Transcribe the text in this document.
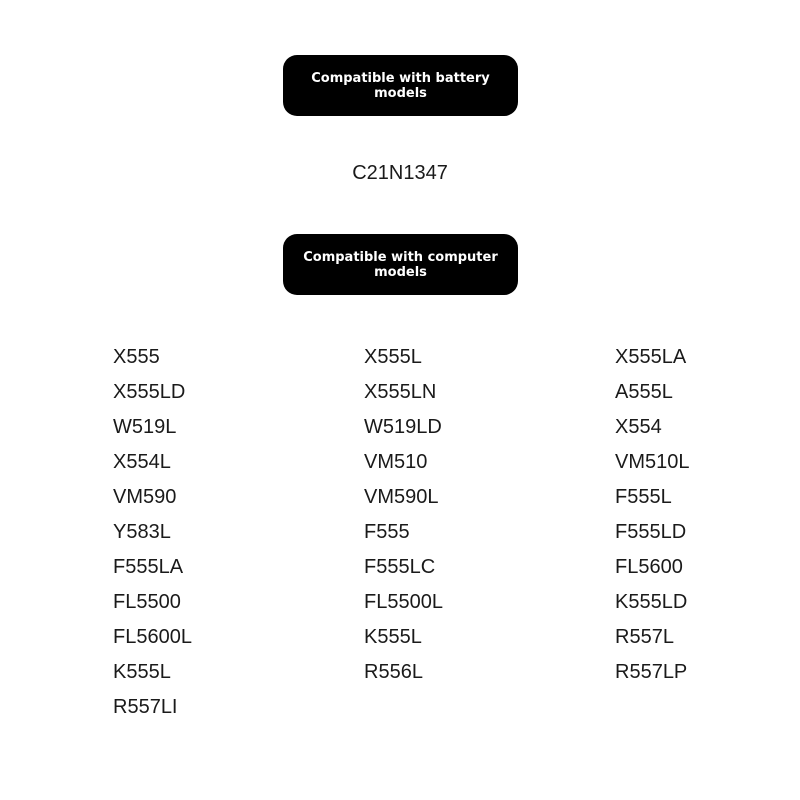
Compatible with battery models
C21N1347
Compatible with computer models
X555
X555LD
W519L
X554L
VM590
Y583L
F555LA
FL5500
FL5600L
K555L
R557LI
X555L
X555LN
W519LD
VM510
VM590L
F555
F555LC
FL5500L
K555L
R556L
X555LA
A555L
X554
VM510L
F555L
F555LD
FL5600
K555LD
R557L
R557LP
